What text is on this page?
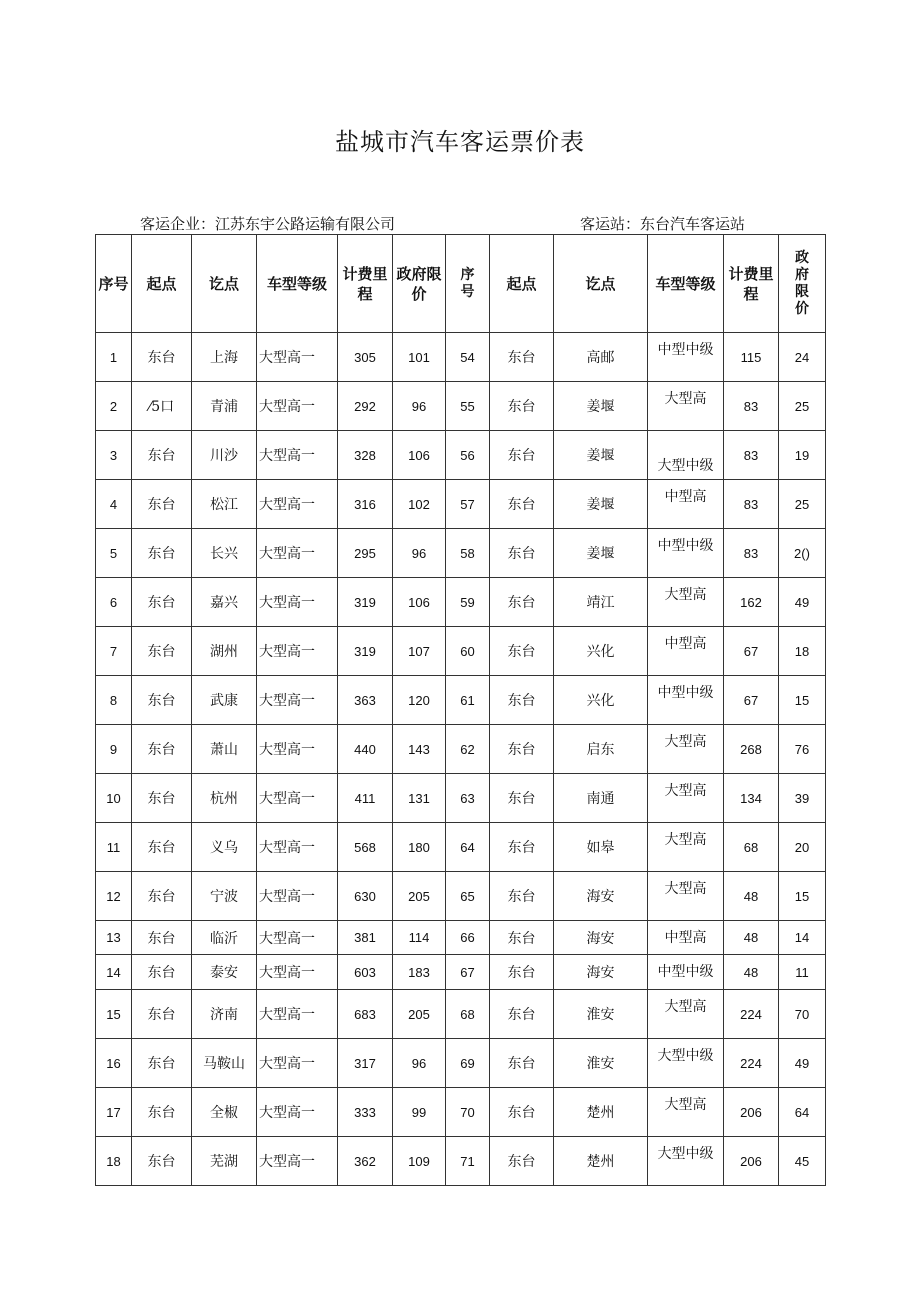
盐城市汽车客运票价表
客运企业：江苏东宇公路运输有限公司	客运站：东台汽车客运站
序号	起点	讫点	车型等级	计费里程	政府限价	序号	起点	讫点	车型等级	计费里程	政府限价
1	东台	上海	大型高一	305	101	54	东台	高邮	中型中级	115	24
2	⁄5口	青浦	大型高一	292	96	55	东台	姜堰	大型高	83	25
3	东台	川沙	大型高一	328	106	56	东台	姜堰	大型中级	83	19
4	东台	松江	大型高一	316	102	57	东台	姜堰	中型高	83	25
5	东台	长兴	大型高一	295	96	58	东台	姜堰	中型中级	83	2()
6	东台	嘉兴	大型高一	319	106	59	东台	靖江	大型高	162	49
7	东台	湖州	大型高一	319	107	60	东台	兴化	中型高	67	18
8	东台	武康	大型高一	363	120	61	东台	兴化	中型中级	67	15
9	东台	萧山	大型高一	440	143	62	东台	启东	大型高	268	76
10	东台	杭州	大型高一	411	131	63	东台	南通	大型高	134	39
11	东台	义乌	大型高一	568	180	64	东台	如皋	大型高	68	20
12	东台	宁波	大型高一	630	205	65	东台	海安	大型高	48	15
13	东台	临沂	大型高一	381	114	66	东台	海安	中型高	48	14
14	东台	泰安	大型高一	603	183	67	东台	海安	中型中级	48	11
15	东台	济南	大型高一	683	205	68	东台	淮安	大型高	224	70
16	东台	马鞍山	大型高一	317	96	69	东台	淮安	大型中级	224	49
17	东台	全椒	大型高一	333	99	70	东台	楚州	大型高	206	64
18	东台	芜湖	大型高一	362	109	71	东台	楚州	大型中级	206	45
